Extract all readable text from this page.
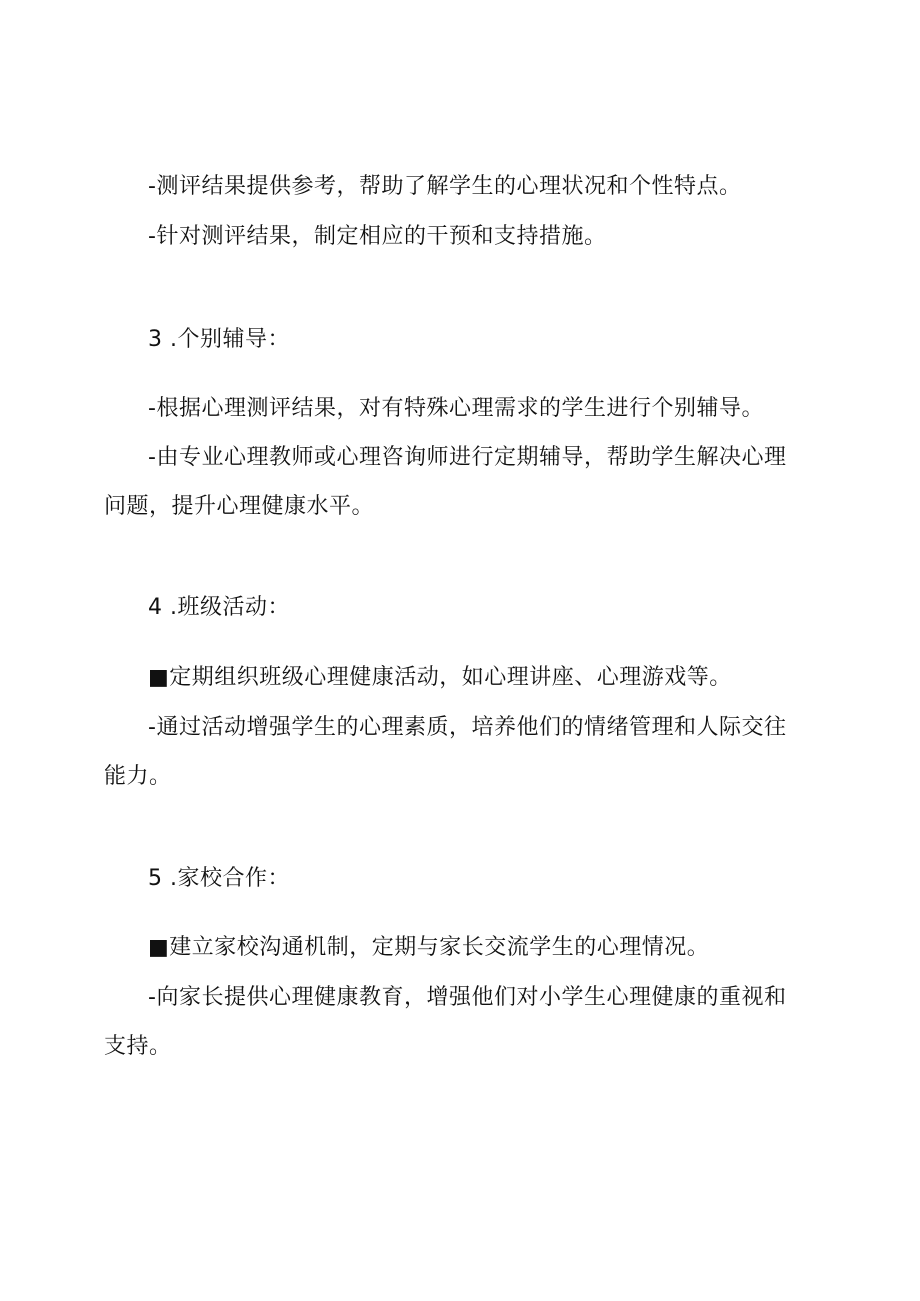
-测评结果提供参考，帮助了解学生的心理状况和个性特点。
-针对测评结果，制定相应的干预和支持措施。
3 .个别辅导：
-根据心理测评结果，对有特殊心理需求的学生进行个别辅导。
-由专业心理教师或心理咨询师进行定期辅导，帮助学生解决心理
问题，提升心理健康水平。
4 .班级活动：
■定期组织班级心理健康活动，如心理讲座、心理游戏等。
-通过活动增强学生的心理素质，培养他们的情绪管理和人际交往
能力。
5 .家校合作：
■建立家校沟通机制，定期与家长交流学生的心理情况。
-向家长提供心理健康教育，增强他们对小学生心理健康的重视和
支持。
